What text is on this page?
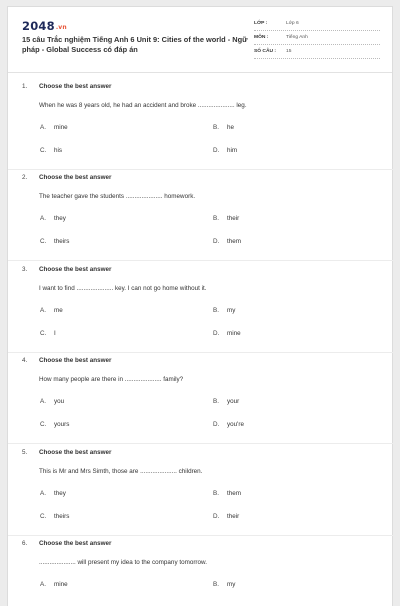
2048.vn
15 câu Trắc nghiệm Tiếng Anh 6 Unit 9: Cities of the world - Ngữ pháp - Global Success có đáp án
LỚP :	Lớp 6
MÔN :	Tiếng Anh
SỐ CÂU : 15
1. Choose the best answer
When he was 8 years old, he had an accident and broke ..................... leg.
A. mine	B. he
C. his	D. him
2. Choose the best answer
The teacher gave the students ..................... homework.
A. they	B. their
C. theirs	D. them
3. Choose the best answer
I want to find ..................... key. I can not go home without it.
A. me	B. my
C. I	D. mine
4. Choose the best answer
How many people are there in ..................... family?
A. you	B. your
C. yours	D. you're
5. Choose the best answer
This is Mr and Mrs Simth, those are ..................... children.
A. they	B. them
C. theirs	D. their
6. Choose the best answer
..................... will present my idea to the company tomorrow.
A. mine	B. my
